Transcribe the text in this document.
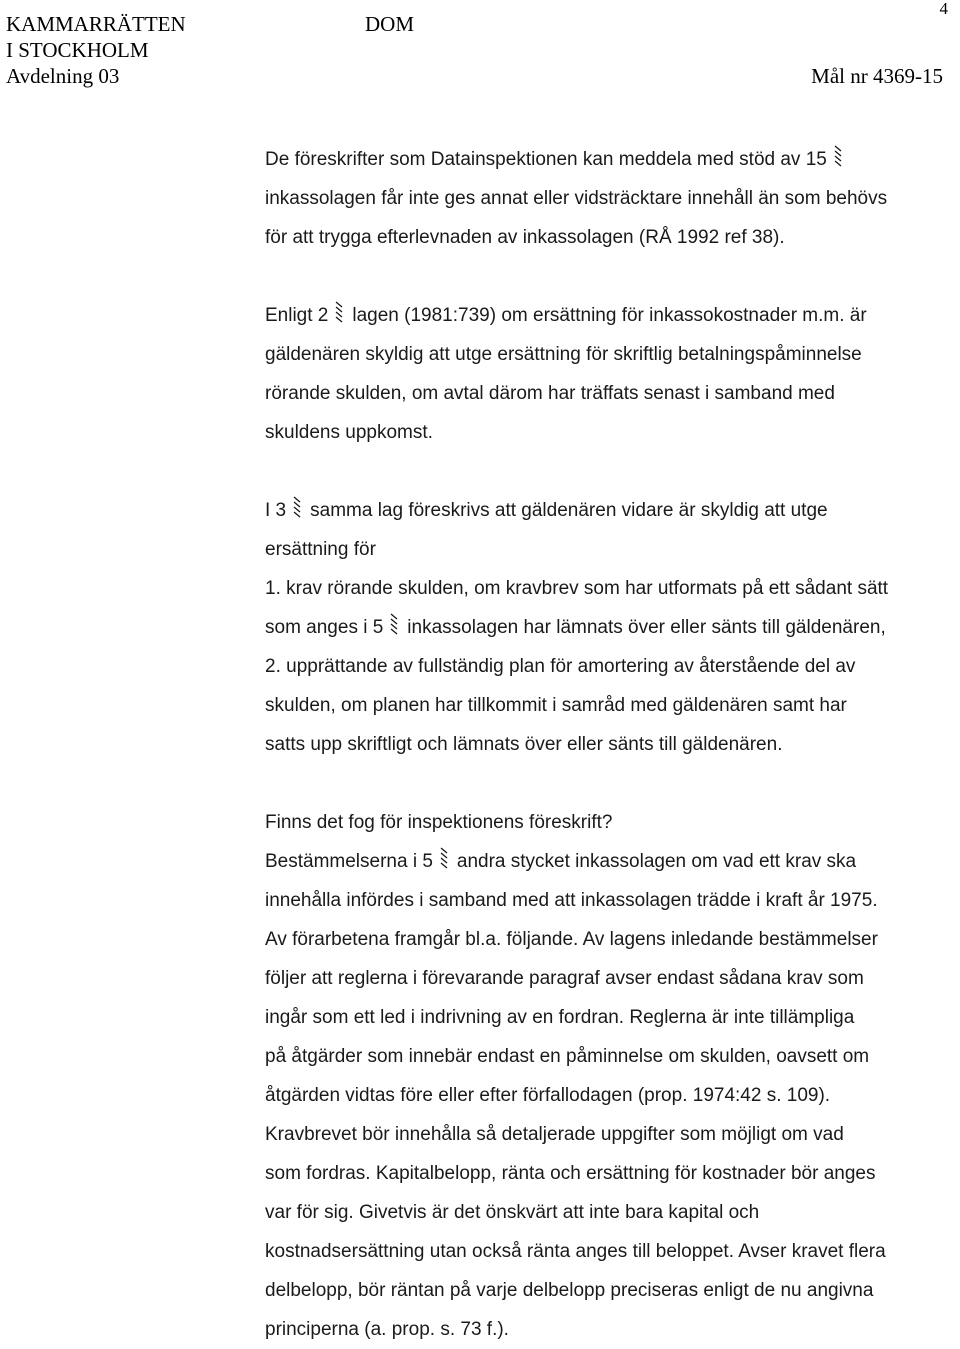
KAMMARRÄTTEN
I STOCKHOLM
Avdelning 03
DOM
Mål nr 4369-15
4
De föreskrifter som Datainspektionen kan meddela med stöd av 15
inkassolagen får inte ges annat eller vidsträcktare innehåll än som behövs
för att trygga efterlevnaden av inkassolagen (RÅ 1992 ref 38).
Enligt 2 lagen (1981:739) om ersättning för inkassokostnader m.m. är
gäldenären skyldig att utge ersättning för skriftlig betalningspåminnelse
rörande skulden, om avtal därom har träffats senast i samband med
skuldens uppkomst.
I 3 samma lag föreskrivs att gäldenären vidare är skyldig att utge
ersättning för
1. krav rörande skulden, om kravbrev som har utformats på ett sådant sätt
som anges i 5 inkassolagen har lämnats över eller sänts till gäldenären,
2. upprättande av fullständig plan för amortering av återstående del av
skulden, om planen har tillkommit i samråd med gäldenären samt har
satts upp skriftligt och lämnats över eller sänts till gäldenären.
Finns det fog för inspektionens föreskrift?
Bestämmelserna i 5 andra stycket inkassolagen om vad ett krav ska
innehålla infördes i samband med att inkassolagen trädde i kraft år 1975.
Av förarbetena framgår bl.a. följande. Av lagens inledande bestämmelser
följer att reglerna i förevarande paragraf avser endast sådana krav som
ingår som ett led i indrivning av en fordran. Reglerna är inte tillämpliga
på åtgärder som innebär endast en påminnelse om skulden, oavsett om
åtgärden vidtas före eller efter förfallodagen (prop. 1974:42 s. 109).
Kravbrevet bör innehålla så detaljerade uppgifter som möjligt om vad
som fordras. Kapitalbelopp, ränta och ersättning för kostnader bör anges
var för sig. Givetvis är det önskvärt att inte bara kapital och
kostnadsersättning utan också ränta anges till beloppet. Avser kravet flera
delbelopp, bör räntan på varje delbelopp preciseras enligt de nu angivna
principerna (a. prop. s. 73 f.).
